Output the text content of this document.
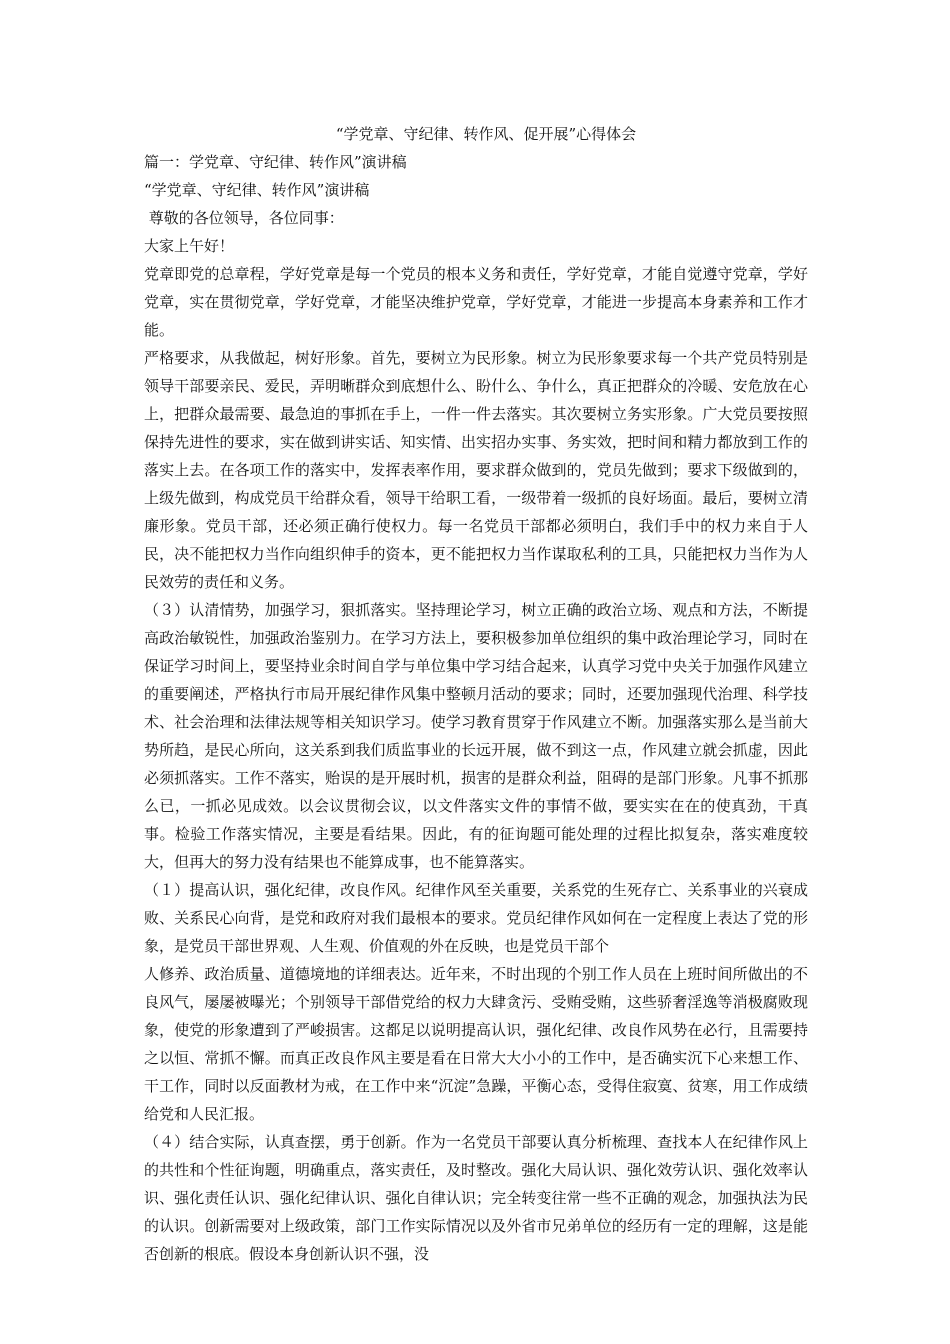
“学党章、守纪律、转作风、促开展”心得体会

篇一：学党章、守纪律、转作风”演讲稿

“学党章、守纪律、转作风”演讲稿

尊敬的各位领导，各位同事：

大家上午好！

党章即党的总章程，学好党章是每一个党员的根本义务和责任，学好党章，才能自觉遵守党章，学好党章，实在贯彻党章，学好党章，才能坚决维护党章，学好党章，才能进一步提高本身素养和工作才能。

严格要求，从我做起，树好形象。首先，要树立为民形象。树立为民形象要求每一个共产党员特别是领导干部要亲民、爱民，弄明晰群众到底想什么、盼什么、争什么，真正把群众的冷暖、安危放在心上，把群众最需要、最急迫的事抓在手上，一件一件去落实。其次要树立务实形象。广大党员要按照保持先进性的要求，实在做到讲实话、知实情、出实招办实事、务实效，把时间和精力都放到工作的落实上去。在各项工作的落实中，发挥表率作用，要求群众做到的，党员先做到；要求下级做到的，上级先做到，构成党员干给群众看，领导干给职工看，一级带着一级抓的良好场面。最后，要树立清廉形象。党员干部，还必须正确行使权力。每一名党员干部都必须明白，我们手中的权力来自于人民，决不能把权力当作向组织伸手的资本，更不能把权力当作谋取私利的工具，只能把权力当作为人民效劳的责任和义务。

（３）认清情势，加强学习，狠抓落实。坚持理论学习，树立正确的政治立场、观点和方法，不断提高政治敏锐性，加强政治鉴别力。在学习方法上，要积极参加单位组织的集中政治理论学习，同时在保证学习时间上，要坚持业余时间自学与单位集中学习结合起来，认真学习党中央关于加强作风建立的重要阐述，严格执行市局开展纪律作风集中整顿月活动的要求；同时，还要加强现代治理、科学技术、社会治理和法律法规等相关知识学习。使学习教育贯穿于作风建立不断。加强落实那么是当前大势所趋，是民心所向，这关系到我们质监事业的长远开展，做不到这一点，作风建立就会抓虚，因此必须抓落实。工作不落实，贻误的是开展时机，损害的是群众利益，阻碍的是部门形象。凡事不抓那么已，一抓必见成效。以会议贯彻会议，以文件落实文件的事情不做，要实实在在的使真劲，干真事。检验工作落实情况，主要是看结果。因此，有的征询题可能处理的过程比拟复杂，落实难度较大，但再大的努力没有结果也不能算成事，也不能算落实。

（１）提高认识，强化纪律，改良作风。纪律作风至关重要，关系党的生死存亡、关系事业的兴衰成败、关系民心向背，是党和政府对我们最根本的要求。党员纪律作风如何在一定程度上表达了党的形象，是党员干部世界观、人生观、价值观的外在反映，也是党员干部个

人修养、政治质量、道德境地的详细表达。近年来，不时出现的个别工作人员在上班时间所做出的不良风气，屡屡被曝光；个别领导干部借党给的权力大肆贪污、受贿受贿，这些骄奢淫逸等消极腐败现象，使党的形象遭到了严峻损害。这都足以说明提高认识，强化纪律、改良作风势在必行，且需要持之以恒、常抓不懈。而真正改良作风主要是看在日常大大小小的工作中，是否确实沉下心来想工作、干工作，同时以反面教材为戒，在工作中来“沉淀”急躁，平衡心态，受得住寂寞、贫寒，用工作成绩给党和人民汇报。

（４）结合实际，认真查摆，勇于创新。作为一名党员干部要认真分析梳理、查找本人在纪律作风上的共性和个性征询题，明确重点，落实责任，及时整改。强化大局认识、强化效劳认识、强化效率认识、强化责任认识、强化纪律认识、强化自律认识；完全转变往常一些不正确的观念，加强执法为民的认识。创新需要对上级政策，部门工作实际情况以及外省市兄弟单位的经历有一定的理解，这是能否创新的根底。假设本身创新认识不强，没
